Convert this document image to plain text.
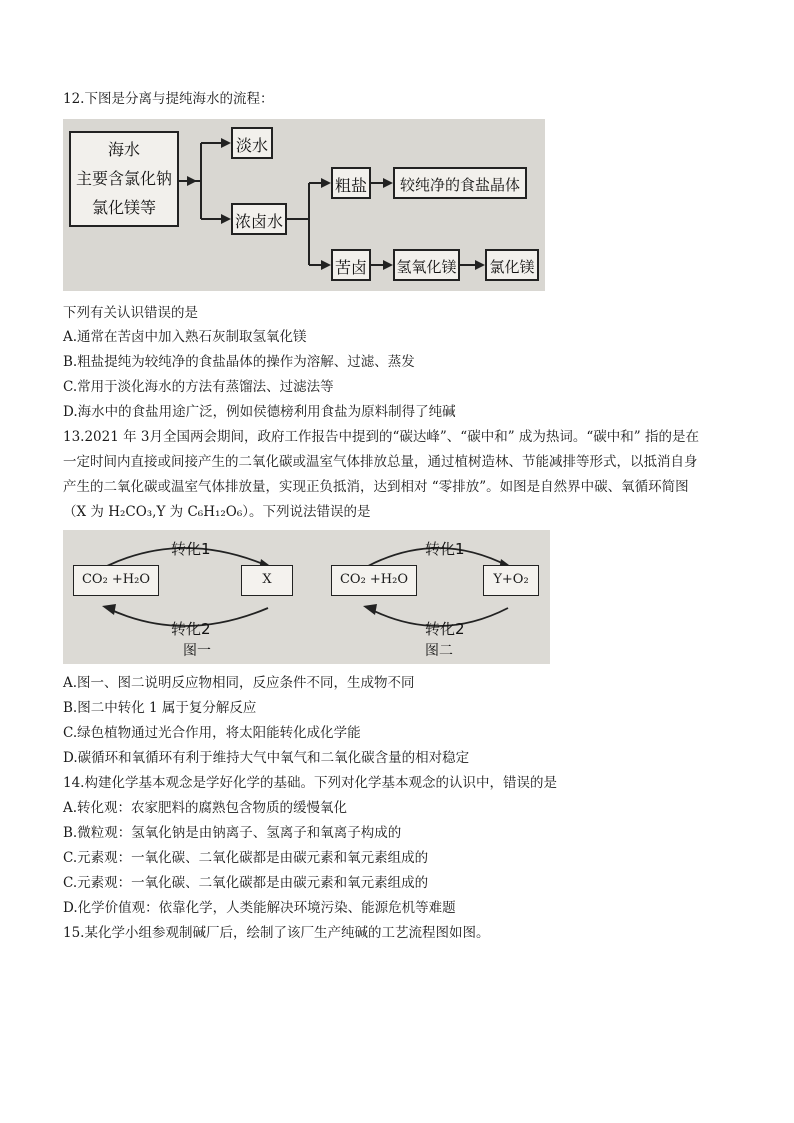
12.下图是分离与提纯海水的流程：
海水
主要含氯化钠
氯化镁等
淡水
浓卤水
粗盐	较纯净的食盐晶体
苦卤 氢氧化镁 氯化镁
下列有关认识错误的是
A.通常在苦卤中加入熟石灰制取氢氧化镁
B.粗盐提纯为较纯净的食盐晶体的操作为溶解、过滤、蒸发
C.常用于淡化海水的方法有蒸馏法、过滤法等
D.海水中的食盐用途广泛，例如侯德榜利用食盐为原料制得了纯碱
13.2021 年 3月全国两会期间，政府工作报告中提到的“碳达峰”、“碳中和” 成为热词。“碳中和” 指的是在
一定时间内直接或间接产生的二氧化碳或温室气体排放总量，通过植树造林、节能减排等形式，以抵消自身
产生的二氧化碳或温室气体排放量，实现正负抵消，达到相对 “零排放”。如图是自然界中碳、氧循环简图
（X 为 H₂CO₃,Y 为 C₆H₁₂O₆）。下列说法错误的是
转化1
转化2
转化1
转化2
CO₂ +H₂O	X	CO₂ +H₂O	Y+O₂
图一	图二
A.图一、图二说明反应物相同，反应条件不同，生成物不同
B.图二中转化 1 属于复分解反应
C.绿色植物通过光合作用，将太阳能转化成化学能
D.碳循环和氧循环有利于维持大气中氧气和二氧化碳含量的相对稳定
14.构建化学基本观念是学好化学的基础。下列对化学基本观念的认识中，错误的是
A.转化观：农家肥料的腐熟包含物质的缓慢氧化
B.微粒观：氢氧化钠是由钠离子、氢离子和氧离子构成的
C.元素观：一氧化碳、二氧化碳都是由碳元素和氧元素组成的
C.元素观：一氧化碳、二氧化碳都是由碳元素和氧元素组成的
D.化学价值观：依靠化学，人类能解决环境污染、能源危机等难题
15.某化学小组参观制碱厂后，绘制了该厂生产纯碱的工艺流程图如图。
